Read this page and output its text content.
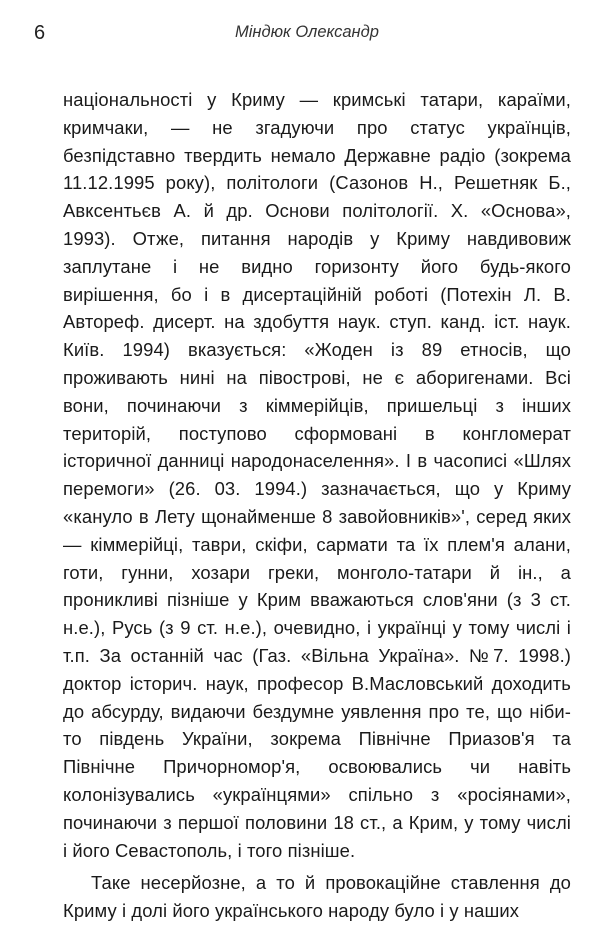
6	Міндюк Олександр

національності у Криму — кримські татари, караїми, кримчаки, — не згадуючи про статус українців, безпідставно твердить немало Державне радіо (зокрема 11.12.1995 року), політологи (Сазонов Н., Решетняк Б., Авксентьєв А. й др. Основи політології. Х. «Основа», 1993). Отже, питання народів у Криму навдивовиж заплутане і не видно горизонту його будь-якого вирішення, бо і в дисертаційній роботі (Потехін Л. В. Автореф. дисерт. на здобуття наук. ступ. канд. іст. наук. Київ. 1994) вказується: «Жоден із 89 етносів, що проживають нині на півострові, не є аборигенами. Всі вони, починаючи з кіммерійців, пришельці з інших територій, поступово сформовані в конгломерат історичної данниці народонаселення». І в часописі «Шлях перемоги» (26. 03. 1994.) зазначається, що у Криму «кануло в Лету щонайменше 8 завойовників»', серед яких — кіммерійці, таври, скіфи, сармати та їх плем'я алани, готи, гунни, хозари греки, монголо-татари й ін., а проникливі пізніше у Крим вважаються слов'яни (з 3 ст. н.е.), Русь (з 9 ст. н.е.), очевидно, і українці у тому числі і т.п. За останній час (Газ. «Вільна Україна». №7. 1998.) доктор історич. наук, професор В.Масловський доходить до абсурду, видаючи бездумне уявлення про те, що ніби-то південь України, зокрема Північне Приазов'я та Північне Причорномор'я, освоювались чи навіть колонізувались «українцями» спільно з «росіянами», починаючи з першої половини 18 ст., а Крим, у тому числі і його Севастополь, і того пізніше.

Таке несерйозне, а то й провокаційне ставлення до Криму і долі його українського народу було і у наших
